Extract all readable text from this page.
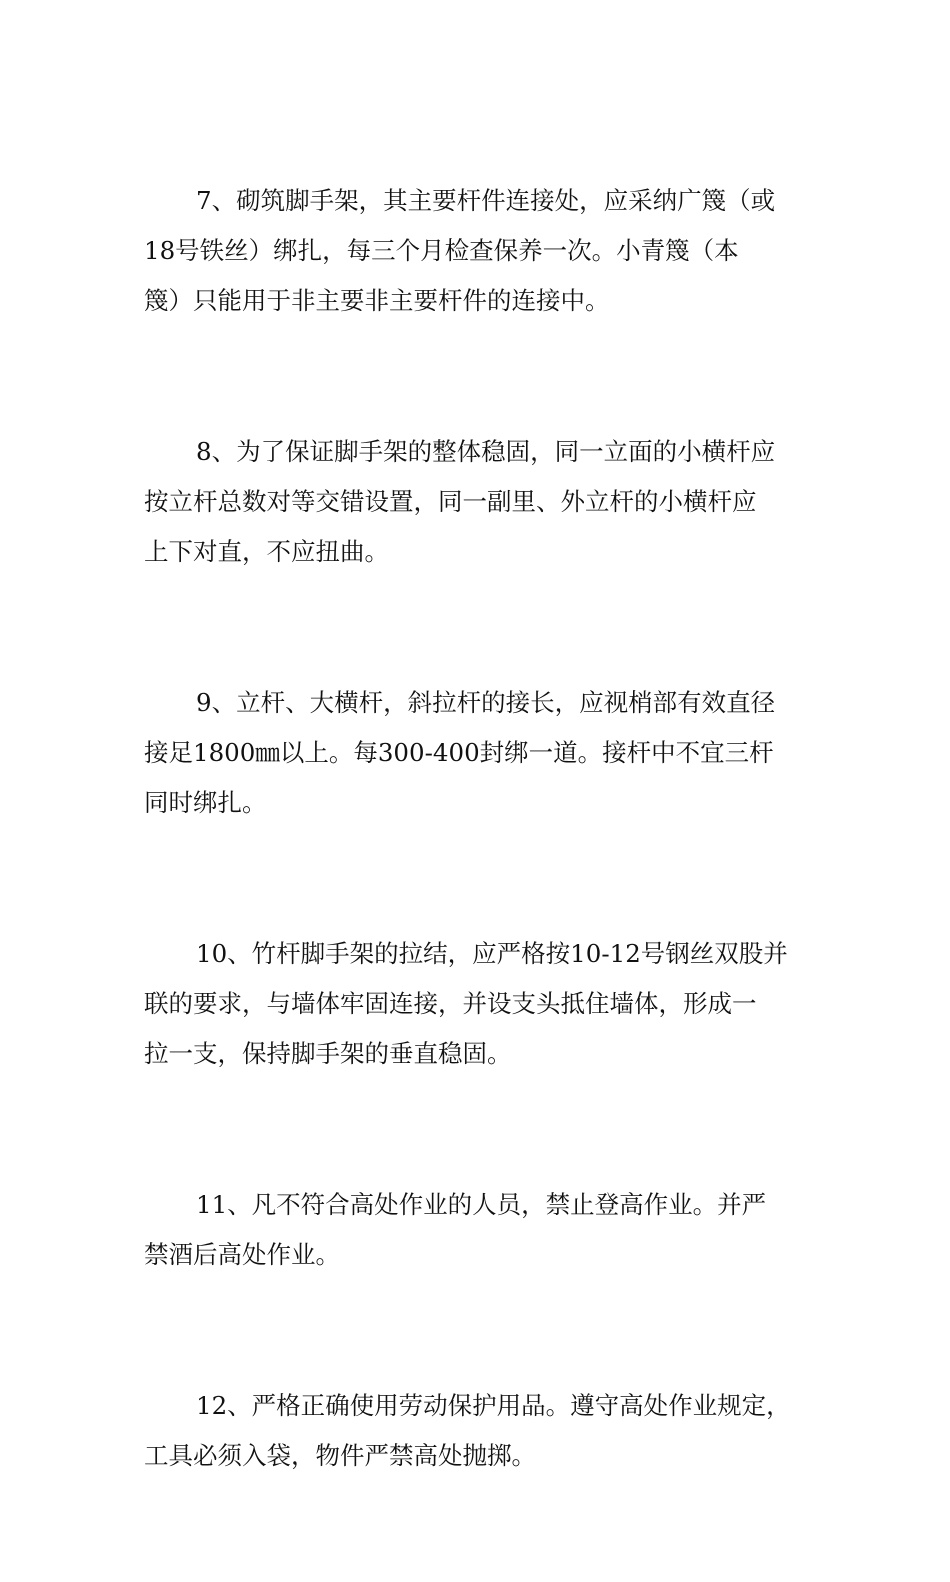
7、砌筑脚手架，其主要杆件连接处，应采纳广篾（或
18号铁丝）绑扎，每三个月检查保养一次。小青篾（本
篾）只能用于非主要非主要杆件的连接中。

8、为了保证脚手架的整体稳固，同一立面的小横杆应
按立杆总数对等交错设置，同一副里、外立杆的小横杆应
上下对直，不应扭曲。

9、立杆、大横杆，斜拉杆的接长，应视梢部有效直径
接足1800㎜以上。每300-400封绑一道。接杆中不宜三杆
同时绑扎。

10、竹杆脚手架的拉结，应严格按10-12号钢丝双股并
联的要求，与墙体牢固连接，并设支头抵住墙体，形成一
拉一支，保持脚手架的垂直稳固。

11、凡不符合高处作业的人员，禁止登高作业。并严
禁酒后高处作业。

12、严格正确使用劳动保护用品。遵守高处作业规定，
工具必须入袋，物件严禁高处抛掷。
